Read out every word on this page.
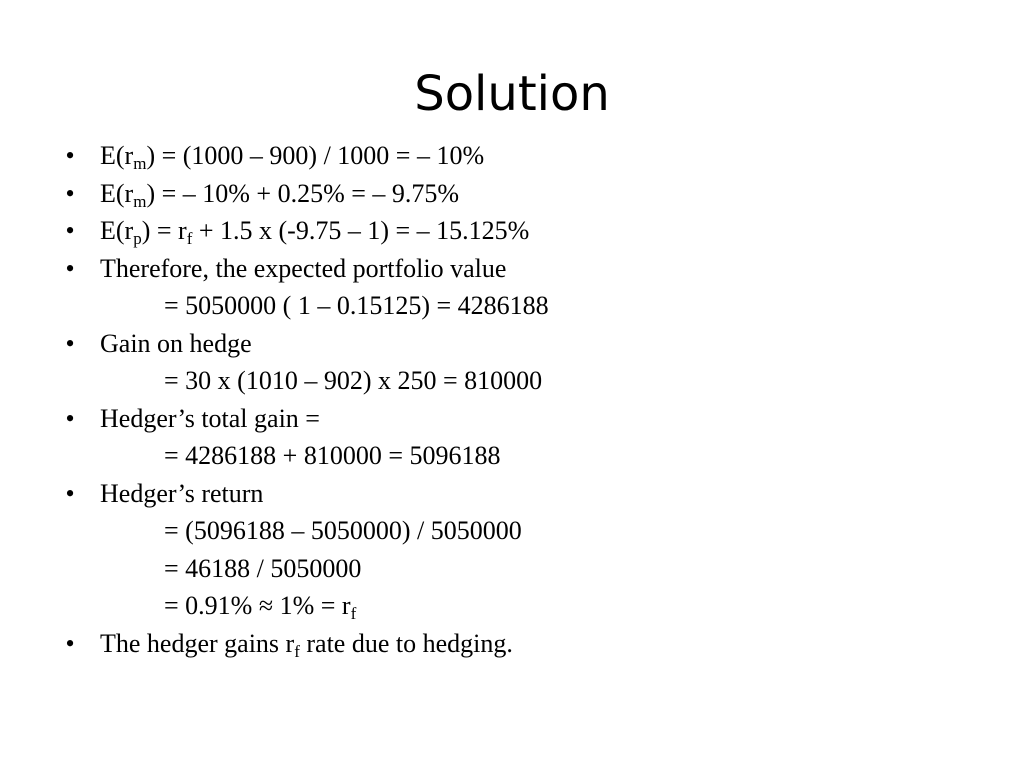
Solution
• $E(r_m) = (1000 - 900) / 1000$ = – 10%
• $E(r_m)$ = – 10% + 0.25% = – 9.75%
• $E(r_p) = r_f + 1.5$ x (-9.75 – 1) = – 15.125%
• Therefore, the expected portfolio value
= 5050000 ( 1 – 0.15125) = 4286188
• Gain on hedge
= 30 x (1010 – 902) x 250 = 810000
• Hedger’s total gain =
= 4286188 + 810000 = 5096188
• Hedger’s return
= (5096188 – 5050000) / 5050000
= 46188 / 5050000
= $0.91\% \approx 1\% = r_f$
• The hedger gains $r_f$ rate due to hedging.
